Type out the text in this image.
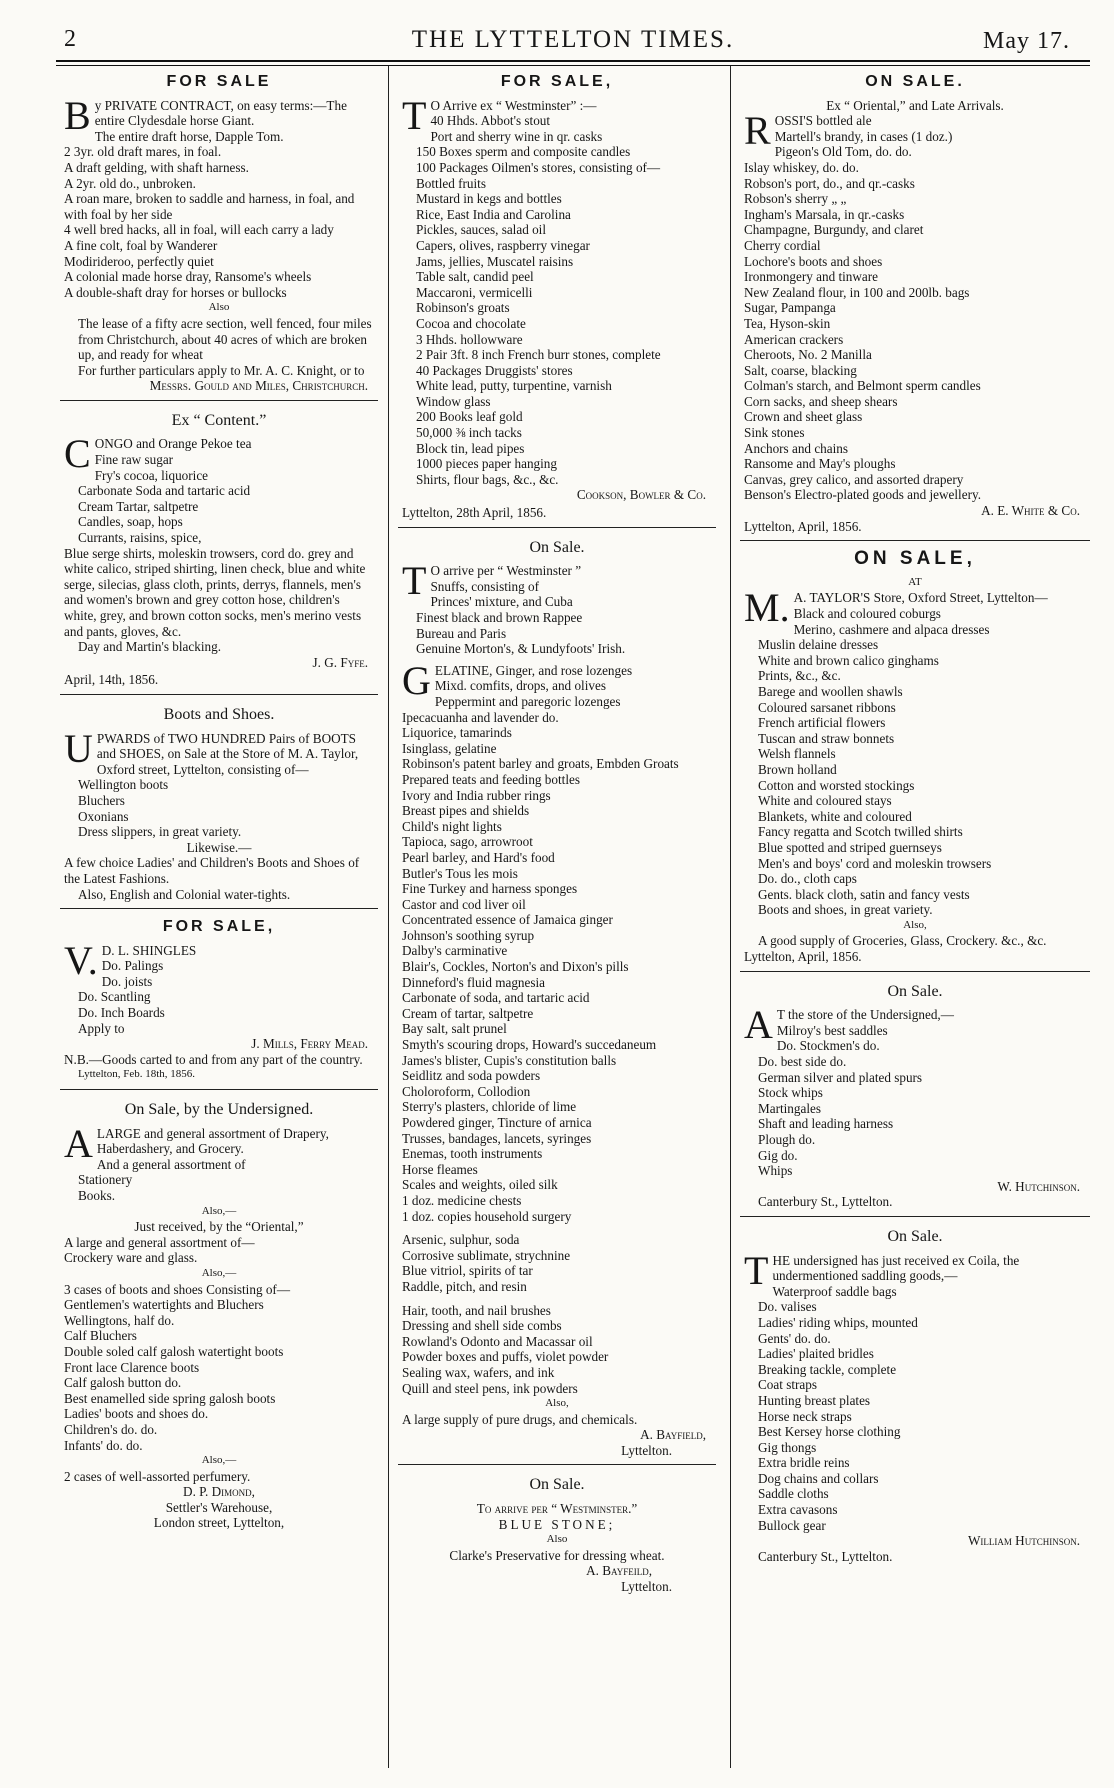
2	THE LYTTELTON TIMES.	May 17.
FOR SALE
By PRIVATE CONTRACT, on easy terms:—The entire Clydesdale horse Giant.
The entire draft horse, Dapple Tom.
2 3yr. old draft mares, in foal.
A draft gelding, with shaft harness.
A 2yr. old do., unbroken.
A roan mare, broken to saddle and harness, in foal, and with foal by her side
4 well bred hacks, all in foal, will each carry a lady
A fine colt, foal by Wanderer
Modirideroo, perfectly quiet
A colonial made horse dray, Ransome's wheels
A double-shaft dray for horses or bullocks
Also
The lease of a fifty acre section, well fenced, four miles from Christchurch, about 40 acres of which are broken up, and ready for wheat
For further particulars apply to Mr. A. C. Knight, or to
Messrs. Gould and Miles, Christchurch.
Ex “ Content.”
CONGO and Orange Pekoe tea
Fine raw sugar
Fry's cocoa, liquorice
Carbonate Soda and tartaric acid
Cream Tartar, saltpetre
Candles, soap, hops
Currants, raisins, spice,
Blue serge shirts, moleskin trowsers, cord do. grey and white calico, striped shirting, linen check, blue and white serge, silecias, glass cloth, prints, derrys, flannels, men's and women's brown and grey cotton hose, children's white, grey, and brown cotton socks, men's merino vests and pants, gloves, &c.
Day and Martin's blacking.
J. G. Fyfe.
April, 14th, 1856.
Boots and Shoes.
UPWARDS of TWO HUNDRED Pairs of BOOTS and SHOES, on Sale at the Store of M. A. Taylor, Oxford street, Lyttelton, consisting of—
Wellington boots
Bluchers
Oxonians
Dress slippers, in great variety.
Likewise.—
A few choice Ladies' and Children's Boots and Shoes of the Latest Fashions.
Also, English and Colonial water-tights.
FOR SALE,
V.D. L. SHINGLES
Do. Palings
Do. joists
Do. Scantling
Do. Inch Boards
Apply to
J. Mills, Ferry Mead.
N.B.—Goods carted to and from any part of the country.
Lyttelton, Feb. 18th, 1856.
On Sale, by the Undersigned.
ALARGE and general assortment of Drapery, Haberdashery, and Grocery.
And a general assortment of
Stationery
Books.
Also,—
Just received, by the “Oriental,”
A large and general assortment of—
Crockery ware and glass.
Also,—
3 cases of boots and shoes Consisting of—
Gentlemen's watertights and Bluchers
Wellingtons, half do.
Calf Bluchers
Double soled calf galosh watertight boots
Front lace Clarence boots
Calf galosh button do.
Best enamelled side spring galosh boots
Ladies' boots and shoes do.
Children's do. do.
Infants' do. do.
Also,—
2 cases of well-assorted perfumery.
D. P. Dimond,
Settler's Warehouse,
London street, Lyttelton,
FOR SALE,
TO Arrive ex “ Westminster” :—
40 Hhds. Abbot's stout
Port and sherry wine in qr. casks
150 Boxes sperm and composite candles
100 Packages Oilmen's stores, consisting of—
Bottled fruits
Mustard in kegs and bottles
Rice, East India and Carolina
Pickles, sauces, salad oil
Capers, olives, raspberry vinegar
Jams, jellies, Muscatel raisins
Table salt, candid peel
Maccaroni, vermicelli
Robinson's groats
Cocoa and chocolate
3 Hhds. hollowware
2 Pair 3ft. 8 inch French burr stones, complete
40 Packages Druggists' stores
White lead, putty, turpentine, varnish
Window glass
200 Books leaf gold
50,000 ⅜ inch tacks
Block tin, lead pipes
1000 pieces paper hanging
Shirts, flour bags, &c., &c.
Cookson, Bowler & Co.
Lyttelton, 28th April, 1856.
On Sale.
TO arrive per “ Westminster ”
Snuffs, consisting of
Princes' mixture, and Cuba
Finest black and brown Rappee
Bureau and Paris
Genuine Morton's, & Lundyfoots' Irish.
GELATINE, Ginger, and rose lozenges
Mixd. comfits, drops, and olives
Peppermint and paregoric lozenges
Ipecacuanha and lavender do.
Liquorice, tamarinds
Isinglass, gelatine
Robinson's patent barley and groats, Embden Groats
Prepared teats and feeding bottles
Ivory and India rubber rings
Breast pipes and shields
Child's night lights
Tapioca, sago, arrowroot
Pearl barley, and Hard's food
Butler's Tous les mois
Fine Turkey and harness sponges
Castor and cod liver oil
Concentrated essence of Jamaica ginger
Johnson's soothing syrup
Dalby's carminative
Blair's, Cockles, Norton's and Dixon's pills
Dinneford's fluid magnesia
Carbonate of soda, and tartaric acid
Cream of tartar, saltpetre
Bay salt, salt prunel
Smyth's scouring drops, Howard's succedaneum
James's blister, Cupis's constitution balls
Seidlitz and soda powders
Choloroform, Collodion
Sterry's plasters, chloride of lime
Powdered ginger, Tincture of arnica
Trusses, bandages, lancets, syringes
Enemas, tooth instruments
Horse fleames
Scales and weights, oiled silk
1 doz. medicine chests
1 doz. copies household surgery
Arsenic, sulphur, soda
Corrosive sublimate, strychnine
Blue vitriol, spirits of tar
Raddle, pitch, and resin
Hair, tooth, and nail brushes
Dressing and shell side combs
Rowland's Odonto and Macassar oil
Powder boxes and puffs, violet powder
Sealing wax, wafers, and ink
Quill and steel pens, ink powders
Also,
A large supply of pure drugs, and chemicals.
A. Bayfield,
Lyttelton.
On Sale.
To arrive per “ Westminster.”
BLUE STONE;
Also
Clarke's Preservative for dressing wheat.
A. Bayfeild,
Lyttelton.
ON SALE.
Ex “ Oriental,” and Late Arrivals.
ROSSI'S bottled ale
Martell's brandy, in cases (1 doz.)
Pigeon's Old Tom, do. do.
Islay whiskey, do. do.
Robson's port, do., and qr.-casks
Robson's sherry „ „
Ingham's Marsala, in qr.-casks
Champagne, Burgundy, and claret
Cherry cordial
Lochore's boots and shoes
Ironmongery and tinware
New Zealand flour, in 100 and 200lb. bags
Sugar, Pampanga
Tea, Hyson-skin
American crackers
Cheroots, No. 2 Manilla
Salt, coarse, blacking
Colman's starch, and Belmont sperm candles
Corn sacks, and sheep shears
Crown and sheet glass
Sink stones
Anchors and chains
Ransome and May's ploughs
Canvas, grey calico, and assorted drapery
Benson's Electro-plated goods and jewellery.
A. E. White & Co.
Lyttelton, April, 1856.
ON SALE,
AT
M.A. TAYLOR'S Store, Oxford Street, Lyttelton—
Black and coloured coburgs
Merino, cashmere and alpaca dresses
Muslin delaine dresses
White and brown calico ginghams
Prints, &c., &c.
Barege and woollen shawls
Coloured sarsanet ribbons
French artificial flowers
Tuscan and straw bonnets
Welsh flannels
Brown holland
Cotton and worsted stockings
White and coloured stays
Blankets, white and coloured
Fancy regatta and Scotch twilled shirts
Blue spotted and striped guernseys
Men's and boys' cord and moleskin trowsers
Do. do., cloth caps
Gents. black cloth, satin and fancy vests
Boots and shoes, in great variety.
Also,
A good supply of Groceries, Glass, Crockery. &c., &c.
Lyttelton, April, 1856.
On Sale.
AT the store of the Undersigned,—
Milroy's best saddles
Do. Stockmen's do.
Do. best side do.
German silver and plated spurs
Stock whips
Martingales
Shaft and leading harness
Plough do.
Gig do.
Whips
W. Hutchinson.
Canterbury St., Lyttelton.
On Sale.
THE undersigned has just received ex Coila, the undermentioned saddling goods,—
Waterproof saddle bags
Do. valises
Ladies' riding whips, mounted
Gents' do. do.
Ladies' plaited bridles
Breaking tackle, complete
Coat straps
Hunting breast plates
Horse neck straps
Best Kersey horse clothing
Gig thongs
Extra bridle reins
Dog chains and collars
Saddle cloths
Extra cavasons
Bullock gear
William Hutchinson.
Canterbury St., Lyttelton.
